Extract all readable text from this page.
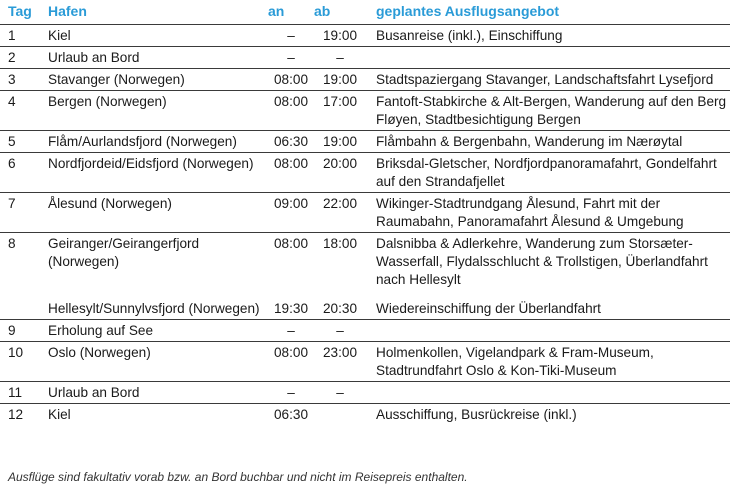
Tag	Hafen	an	ab	geplantes Ausflugsangebot
1	Kiel	–	19:00	Busanreise (inkl.), Einschiffung
2	Urlaub an Bord	–	–	
3	Stavanger (Norwegen)	08:00	19:00	Stadtspaziergang Stavanger, Landschaftsfahrt Lysefjord
4	Bergen (Norwegen)	08:00	17:00	Fantoft-Stabkirche & Alt-Bergen, Wanderung auf den Berg Fløyen, Stadtbesichtigung Bergen
5	Flåm/Aurlandsfjord (Norwegen)	06:30	19:00	Flåmbahn & Bergenbahn, Wanderung im Nærøytal
6	Nordfjordeid/Eidsfjord (Norwegen)	08:00	20:00	Briksdal-Gletscher, Nordfjordpanoramafahrt, Gondelfahrt auf den Strandafjellet
7	Ålesund (Norwegen)	09:00	22:00	Wikinger-Stadtrundgang Ålesund, Fahrt mit der Raumabahn, Panoramafahrt Ålesund & Umgebung
8	Geiranger/Geirangerfjord (Norwegen)	08:00	18:00	Dalsnibba & Adlerkehre, Wanderung zum Storsæter-Wasserfall, Flydalsschlucht & Trollstigen, Überlandfahrt nach Hellesylt
	Hellesylt/Sunnylvsfjord (Norwegen)	19:30	20:30	Wiedereinschiffung der Überlandfahrt
9	Erholung auf See	–	–	
10	Oslo (Norwegen)	08:00	23:00	Holmenkollen, Vigelandpark & Fram-Museum, Stadtrundfahrt Oslo & Kon-Tiki-Museum
11	Urlaub an Bord	–	–	
12	Kiel	06:30		Ausschiffung, Busrückreise (inkl.)
Ausflüge sind fakultativ vorab bzw. an Bord buchbar und nicht im Reisepreis enthalten.
